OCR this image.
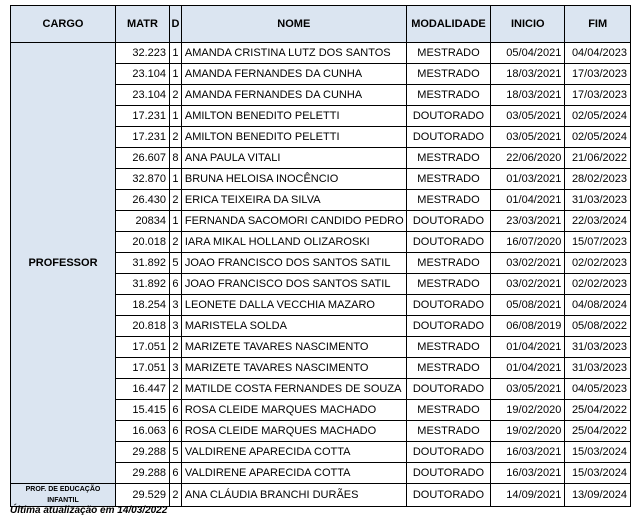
CARGO	MATR	D	NOME	MODALIDADE	INICIO	FIM
PROFESSOR	32.223	1	AMANDA CRISTINA LUTZ DOS SANTOS	MESTRADO	05/04/2021	04/04/2023
	23.104	1	AMANDA FERNANDES DA CUNHA	MESTRADO	18/03/2021	17/03/2023
	23.104	2	AMANDA FERNANDES DA CUNHA	MESTRADO	18/03/2021	17/03/2023
	17.231	1	AMILTON BENEDITO PELETTI	DOUTORADO	03/05/2021	02/05/2024
	17.231	2	AMILTON BENEDITO PELETTI	DOUTORADO	03/05/2021	02/05/2024
	26.607	8	ANA PAULA VITALI	MESTRADO	22/06/2020	21/06/2022
	32.870	1	BRUNA HELOISA INOCÊNCIO	MESTRADO	01/03/2021	28/02/2023
	26.430	2	ERICA TEIXEIRA DA SILVA	MESTRADO	01/04/2021	31/03/2023
	20834	1	FERNANDA SACOMORI CANDIDO PEDRO	DOUTORADO	23/03/2021	22/03/2024
	20.018	2	IARA MIKAL HOLLAND OLIZAROSKI	DOUTORADO	16/07/2020	15/07/2023
	31.892	5	JOAO FRANCISCO DOS SANTOS SATIL	MESTRADO	03/02/2021	02/02/2023
	31.892	6	JOAO FRANCISCO DOS SANTOS SATIL	MESTRADO	03/02/2021	02/02/2023
	18.254	3	LEONETE DALLA VECCHIA MAZARO	DOUTORADO	05/08/2021	04/08/2024
	20.818	3	MARISTELA SOLDA	DOUTORADO	06/08/2019	05/08/2022
	17.051	2	MARIZETE TAVARES NASCIMENTO	MESTRADO	01/04/2021	31/03/2023
	17.051	3	MARIZETE TAVARES NASCIMENTO	MESTRADO	01/04/2021	31/03/2023
	16.447	2	MATILDE COSTA FERNANDES DE SOUZA	DOUTORADO	03/05/2021	04/05/2023
	15.415	6	ROSA CLEIDE MARQUES MACHADO	MESTRADO	19/02/2020	25/04/2022
	16.063	6	ROSA CLEIDE MARQUES MACHADO	MESTRADO	19/02/2020	25/04/2022
	29.288	5	VALDIRENE APARECIDA COTTA	DOUTORADO	16/03/2021	15/03/2024
	29.288	6	VALDIRENE APARECIDA COTTA	DOUTORADO	16/03/2021	15/03/2024
PROF. DE EDUCAÇÃO INFANTIL	29.529	2	ANA CLÁUDIA BRANCHI DURÃES	DOUTORADO	14/09/2021	13/09/2024
Última atualização em 14/03/2022
